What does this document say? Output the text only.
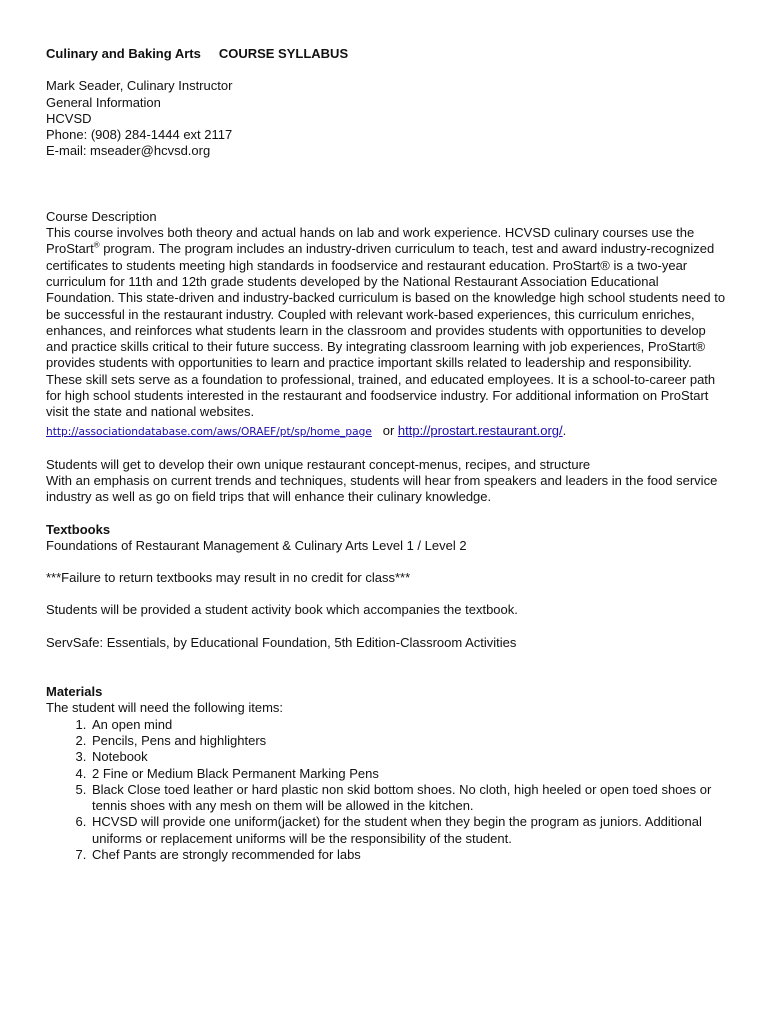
Culinary and Baking Arts COURSE SYLLABUS
Mark Seader, Culinary Instructor
General Information
HCVSD
Phone: (908) 284-1444 ext 2117
E-mail: mseader@hcvsd.org
Course Description

This course involves both theory and actual hands on lab and work experience. HCVSD culinary courses use the ProStart® program. The program includes an industry-driven curriculum to teach, test and award industry-recognized certificates to students meeting high standards in foodservice and restaurant education. ProStart® is a two-year curriculum for 11th and 12th grade students developed by the National Restaurant Association Educational Foundation. This state-driven and industry-backed curriculum is based on the knowledge high school students need to be successful in the restaurant industry. Coupled with relevant work-based experiences, this curriculum enriches, enhances, and reinforces what students learn in the classroom and provides students with opportunities to develop and practice skills critical to their future success. By integrating classroom learning with job experiences, ProStart® provides students with opportunities to learn and practice important skills related to leadership and responsibility. These skill sets serve as a foundation to professional, trained, and educated employees. It is a school-to-career path for high school students interested in the restaurant and foodservice industry. For additional information on ProStart visit the state and national websites.

http://associationdatabase.com/aws/ORAEF/pt/sp/home_page   or http://prostart.restaurant.org/.
Students will get to develop their own unique restaurant concept-menus, recipes, and structure
With an emphasis on current trends and techniques, students will hear from speakers and leaders in the food service industry as well as go on field trips that will enhance their culinary knowledge.
Textbooks
Foundations of Restaurant Management & Culinary Arts Level 1 / Level 2
***Failure to return textbooks may result in no credit for class***
Students will be provided a student activity book which accompanies the textbook.
ServSafe: Essentials, by Educational Foundation, 5th Edition-Classroom Activities
Materials
The student will need the following items:
1. An open mind
2. Pencils, Pens and highlighters
3. Notebook
4. 2 Fine or Medium Black Permanent Marking Pens
5. Black Close toed leather or hard plastic non skid bottom shoes. No cloth, high heeled or open toed shoes or tennis shoes with any mesh on them will be allowed in the kitchen.
6. HCVSD will provide one uniform(jacket) for the student when they begin the program as juniors. Additional uniforms or replacement uniforms will be the responsibility of the student.
7. Chef Pants are strongly recommended for labs
